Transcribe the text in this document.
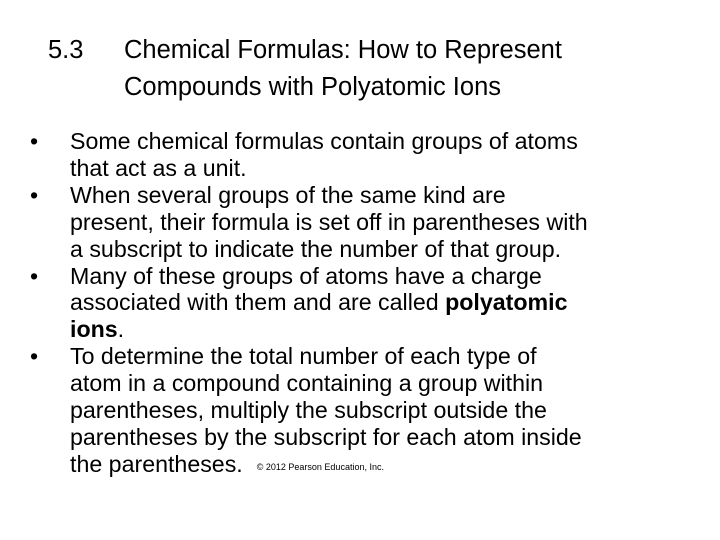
5.3 Chemical Formulas: How to Represent
Compounds with Polyatomic Ions
• Some chemical formulas contain groups of atoms
that act as a unit.
• When several groups of the same kind are
present, their formula is set off in parentheses with
a subscript to indicate the number of that group.
• Many of these groups of atoms have a charge
associated with them and are called polyatomic
ions.
• To determine the total number of each type of
atom in a compound containing a group within
parentheses, multiply the subscript outside the
parentheses by the subscript for each atom inside
the parentheses. © 2012 Pearson Education, Inc.
